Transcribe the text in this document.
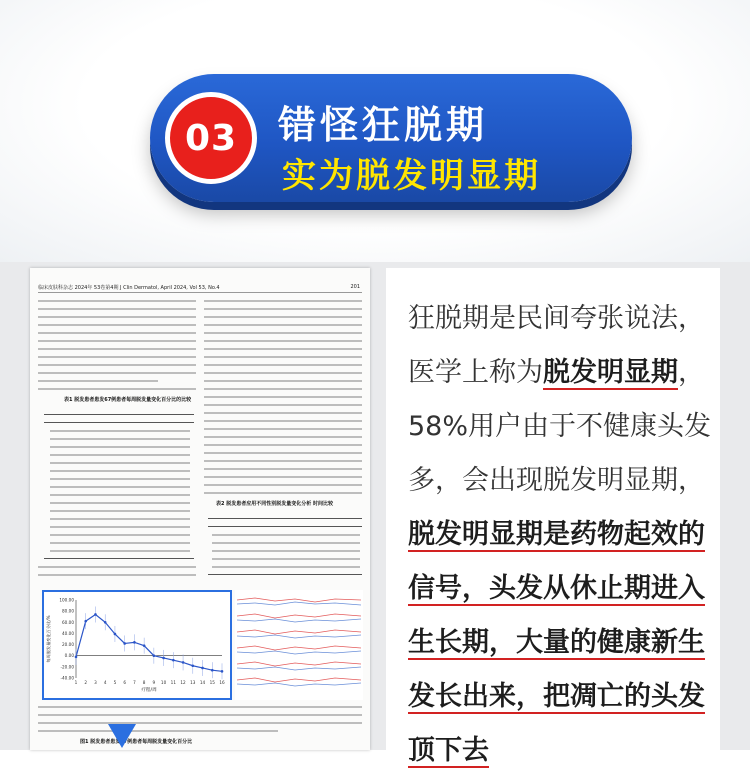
03	错怪狂脱期
实为脱发明显期
临床皮肤科杂志 2024年 53卷第4期 J Clin Dermatol, April 2024, Vol 53, No.4	201
表1 脱发患者患发67例患者每周脱发量变化百分比的比较
表2 脱发患者应用不同性别脱发量变化分析 时间比较
100.00
80.00
60.00
40.00
20.00
0.00
-20.00
-40.00
1 2 3 4 5 6 7 8 9 10 11 12 13 14 15 16
疗程/周
每周脱发量变化百分比/%
图1 脱发患者患发67例患者每周脱发量变化百分比
狂脱期是民间夸张说法，
医学上称为脱发明显期，
58%用户由于不健康头发
多，会出现脱发明显期，
脱发明显期是药物起效的
信号，头发从休止期进入
生长期，大量的健康新生
发长出来，把凋亡的头发
顶下去
